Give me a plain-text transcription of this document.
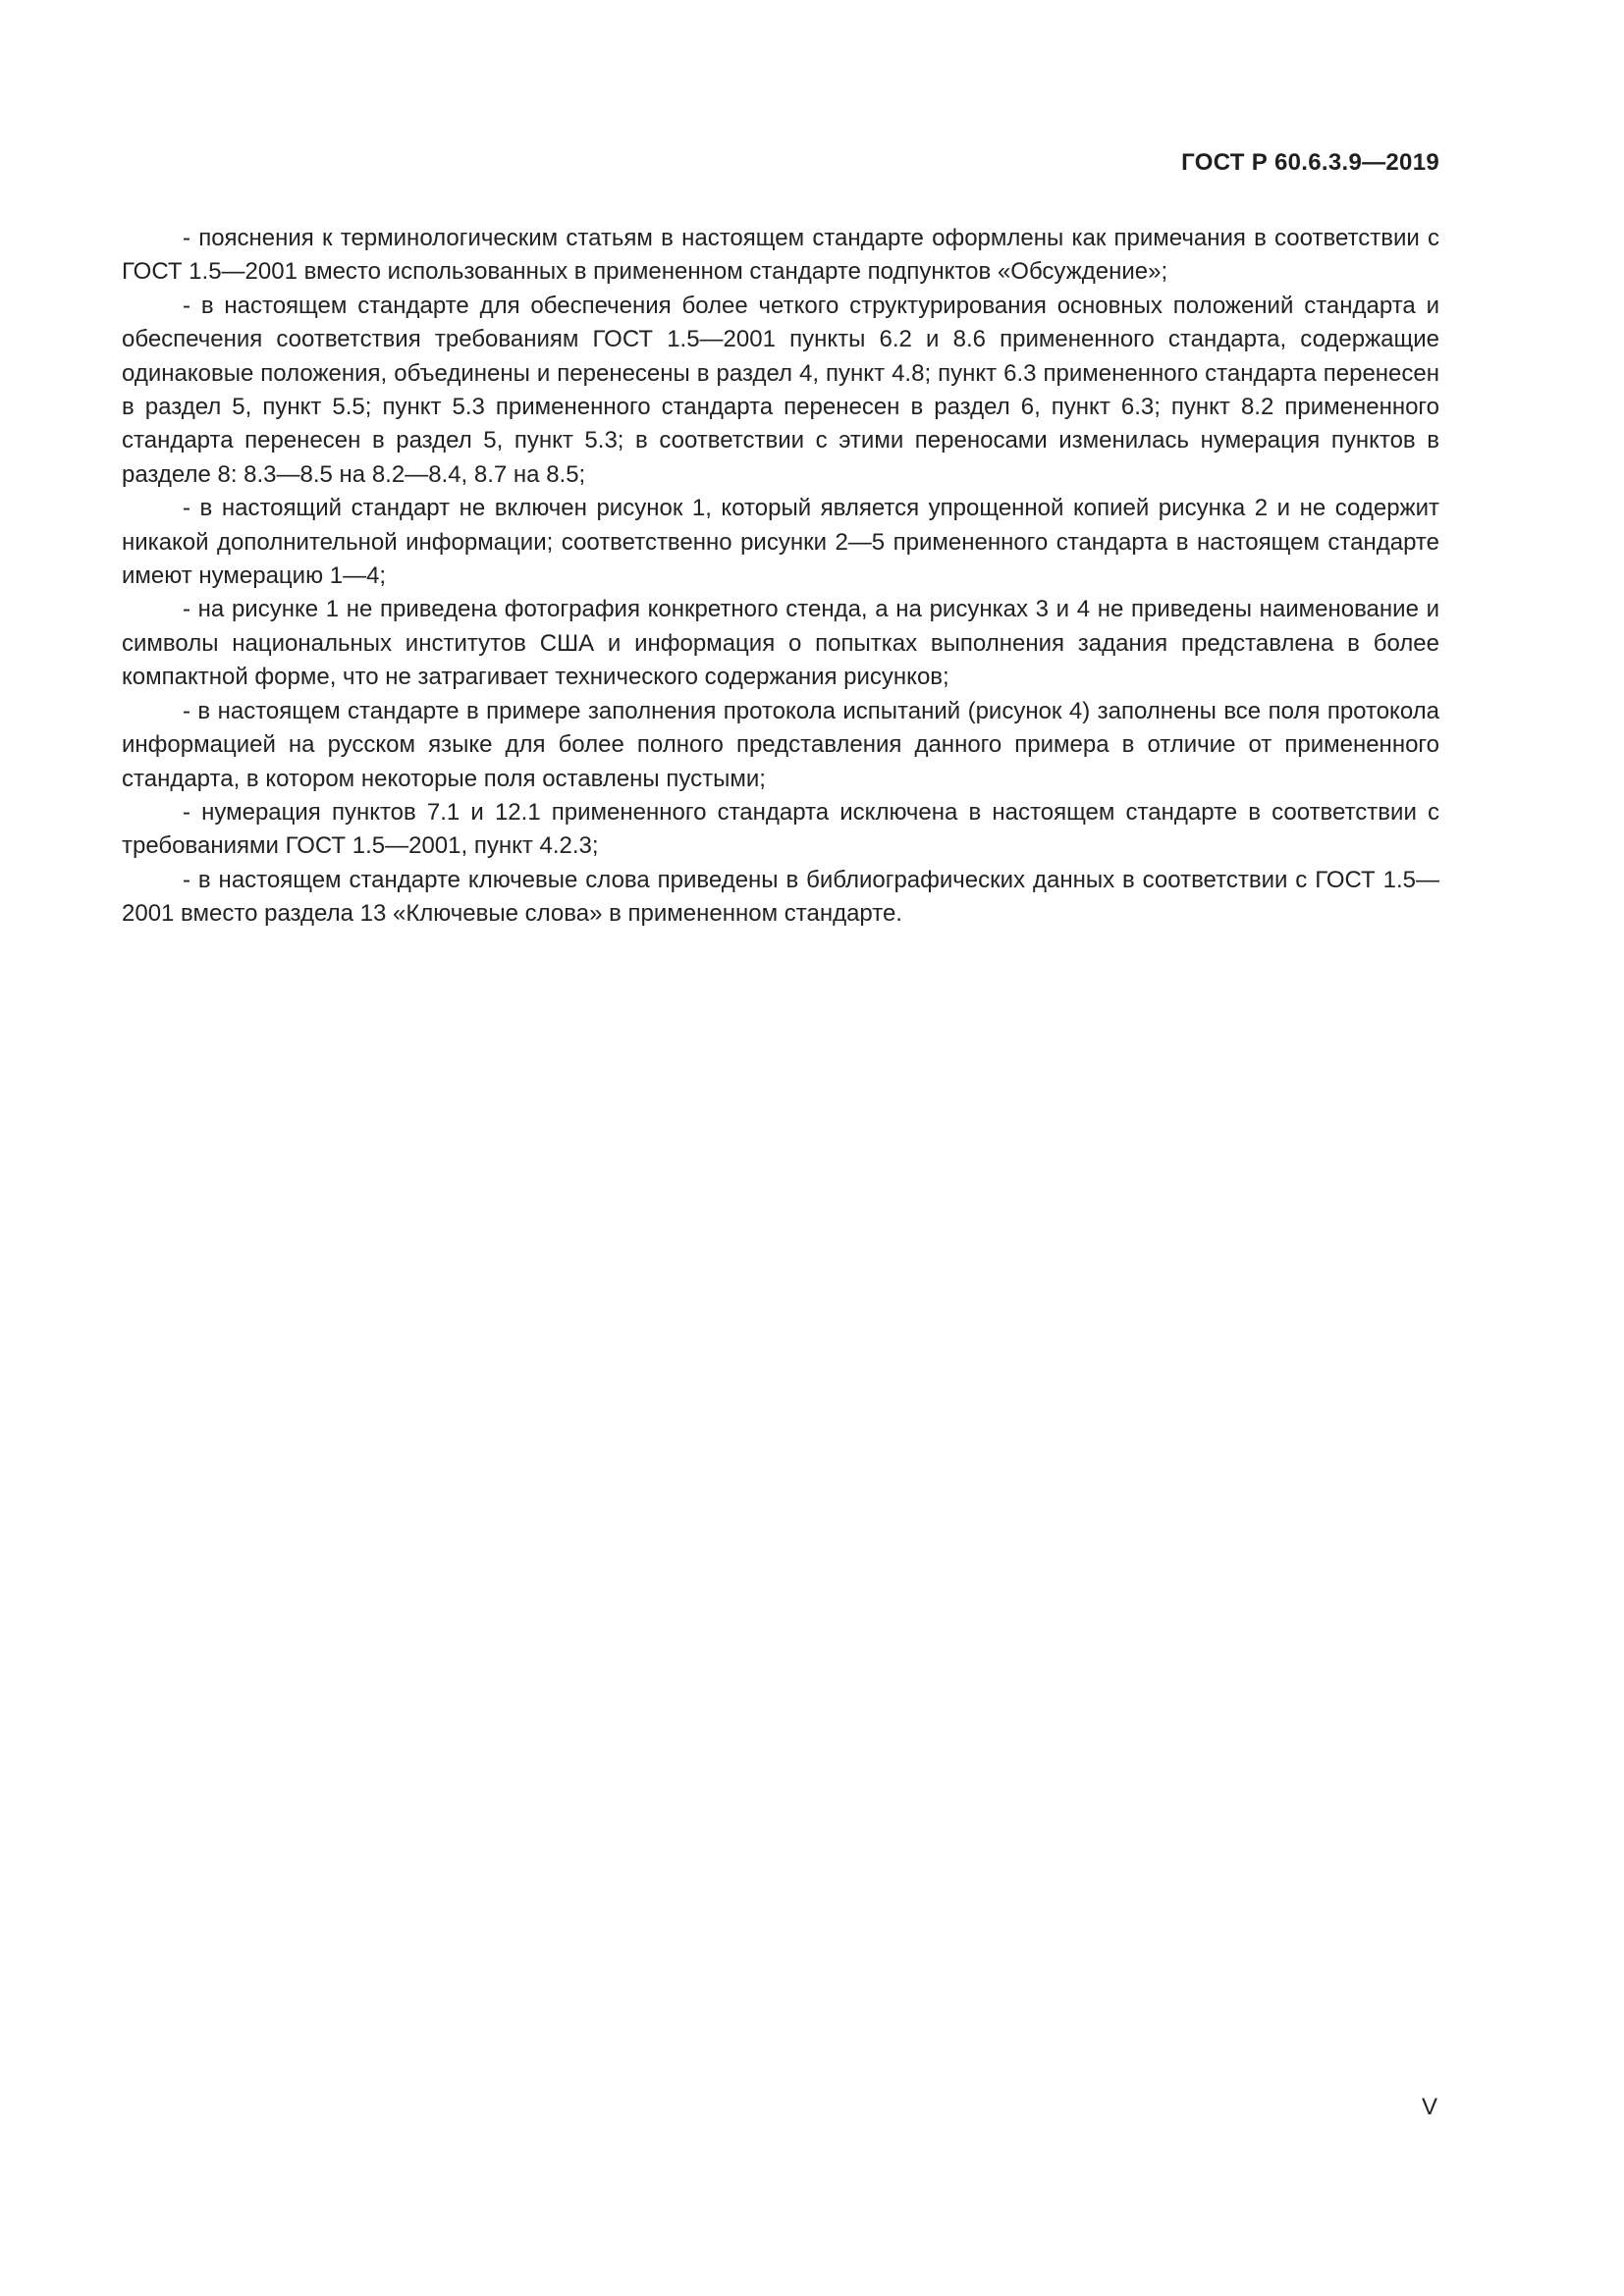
ГОСТ Р 60.6.3.9—2019

- пояснения к терминологическим статьям в настоящем стандарте оформлены как примечания в соответствии с ГОСТ 1.5—2001 вместо использованных в примененном стандарте подпунктов «Обсуждение»;

- в настоящем стандарте для обеспечения более четкого структурирования основных положений стандарта и обеспечения соответствия требованиям ГОСТ 1.5—2001 пункты 6.2 и 8.6 примененного стандарта, содержащие одинаковые положения, объединены и перенесены в раздел 4, пункт 4.8; пункт 6.3 примененного стандарта перенесен в раздел 5, пункт 5.5; пункт 5.3 примененного стандарта перенесен в раздел 6, пункт 6.3; пункт 8.2 примененного стандарта перенесен в раздел 5, пункт 5.3; в соответствии с этими переносами изменилась нумерация пунктов в разделе 8: 8.3—8.5 на 8.2—8.4, 8.7 на 8.5;

- в настоящий стандарт не включен рисунок 1, который является упрощенной копией рисунка 2 и не содержит никакой дополнительной информации; соответственно рисунки 2—5 примененного стандарта в настоящем стандарте имеют нумерацию 1—4;

- на рисунке 1 не приведена фотография конкретного стенда, а на рисунках 3 и 4 не приведены наименование и символы национальных институтов США и информация о попытках выполнения задания представлена в более компактной форме, что не затрагивает технического содержания рисунков;

- в настоящем стандарте в примере заполнения протокола испытаний (рисунок 4) заполнены все поля протокола информацией на русском языке для более полного представления данного примера в отличие от примененного стандарта, в котором некоторые поля оставлены пустыми;

- нумерация пунктов 7.1 и 12.1 примененного стандарта исключена в настоящем стандарте в соответствии с требованиями ГОСТ 1.5—2001, пункт 4.2.3;

- в настоящем стандарте ключевые слова приведены в библиографических данных в соответствии с ГОСТ 1.5—2001 вместо раздела 13 «Ключевые слова» в примененном стандарте.

V
